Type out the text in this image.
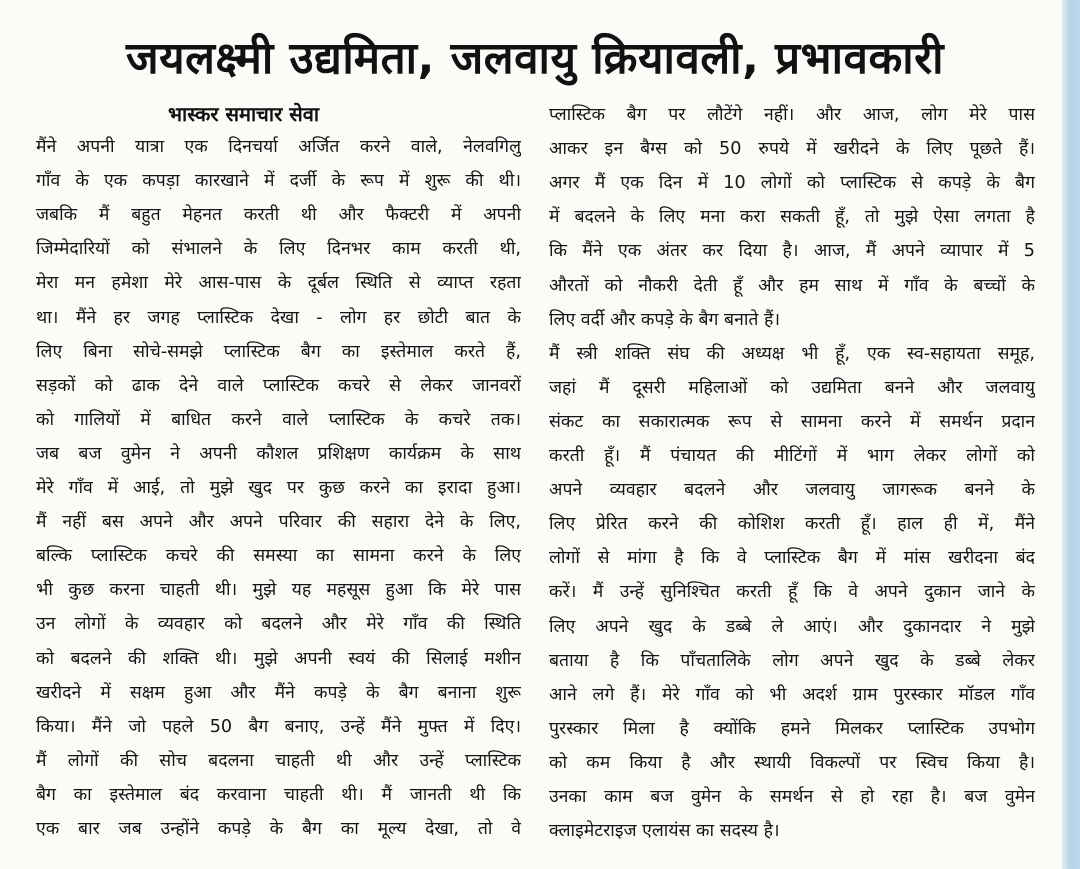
जयलक्ष्मी उद्यमिता, जलवायु क्रियावली, प्रभावकारी
भास्कर समाचार सेवा
मैंने अपनी यात्रा एक दिनचर्या अर्जित करने वाले, नेलवगिलु
गाँव के एक कपड़ा कारखाने में दर्जी के रूप में शुरू की थी।
जबकि मैं बहुत मेहनत करती थी और फैक्टरी में अपनी
जिम्मेदारियों को संभालने के लिए दिनभर काम करती थी,
मेरा मन हमेशा मेरे आस-पास के दूर्बल स्थिति से व्याप्त रहता
था। मैंने हर जगह प्लास्टिक देखा - लोग हर छोटी बात के
लिए बिना सोचे-समझे प्लास्टिक बैग का इस्तेमाल करते हैं,
सड़कों को ढाक देने वाले प्लास्टिक कचरे से लेकर जानवरों
को गालियों में बाधित करने वाले प्लास्टिक के कचरे तक।
जब बज वुमेन ने अपनी कौशल प्रशिक्षण कार्यक्रम के साथ
मेरे गाँव में आई, तो मुझे खुद पर कुछ करने का इरादा हुआ।
मैं नहीं बस अपने और अपने परिवार की सहारा देने के लिए,
बल्कि प्लास्टिक कचरे की समस्या का सामना करने के लिए
भी कुछ करना चाहती थी। मुझे यह महसूस हुआ कि मेरे पास
उन लोगों के व्यवहार को बदलने और मेरे गाँव की स्थिति
को बदलने की शक्ति थी। मुझे अपनी स्वयं की सिलाई मशीन
खरीदने में सक्षम हुआ और मैंने कपड़े के बैग बनाना शुरू
किया। मैंने जो पहले 50 बैग बनाए, उन्हें मैंने मुफ्त में दिए।
मैं लोगों की सोच बदलना चाहती थी और उन्हें प्लास्टिक
बैग का इस्तेमाल बंद करवाना चाहती थी। मैं जानती थी कि
एक बार जब उन्होंने कपड़े के बैग का मूल्य देखा, तो वे
प्लास्टिक बैग पर लौटेंगे नहीं। और आज, लोग मेरे पास
आकर इन बैग्स को 50 रुपये में खरीदने के लिए पूछते हैं।
अगर मैं एक दिन में 10 लोगों को प्लास्टिक से कपड़े के बैग
में बदलने के लिए मना करा सकती हूँ, तो मुझे ऐसा लगता है
कि मैंने एक अंतर कर दिया है। आज, मैं अपने व्यापार में 5
औरतों को नौकरी देती हूँ और हम साथ में गाँव के बच्चों के
लिए वर्दी और कपड़े के बैग बनाते हैं।
मैं स्त्री शक्ति संघ की अध्यक्ष भी हूँ, एक स्व-सहायता समूह,
जहां मैं दूसरी महिलाओं को उद्यमिता बनने और जलवायु
संकट का सकारात्मक रूप से सामना करने में समर्थन प्रदान
करती हूँ। मैं पंचायत की मीटिंगों में भाग लेकर लोगों को
अपने व्यवहार बदलने और जलवायु जागरूक बनने के
लिए प्रेरित करने की कोशिश करती हूँ। हाल ही में, मैंने
लोगों से मांगा है कि वे प्लास्टिक बैग में मांस खरीदना बंद
करें। मैं उन्हें सुनिश्चित करती हूँ कि वे अपने दुकान जाने के
लिए अपने खुद के डब्बे ले आएं। और दुकानदार ने मुझे
बताया है कि पाँचतालिके लोग अपने खुद के डब्बे लेकर
आने लगे हैं। मेरे गाँव को भी अदर्श ग्राम पुरस्कार मॉडल गाँव
पुरस्कार मिला है क्योंकि हमने मिलकर प्लास्टिक उपभोग
को कम किया है और स्थायी विकल्पों पर स्विच किया है।
उनका काम बज वुमेन के समर्थन से हो रहा है। बज वुमेन
क्लाइमेटराइज एलायंस का सदस्य है।
